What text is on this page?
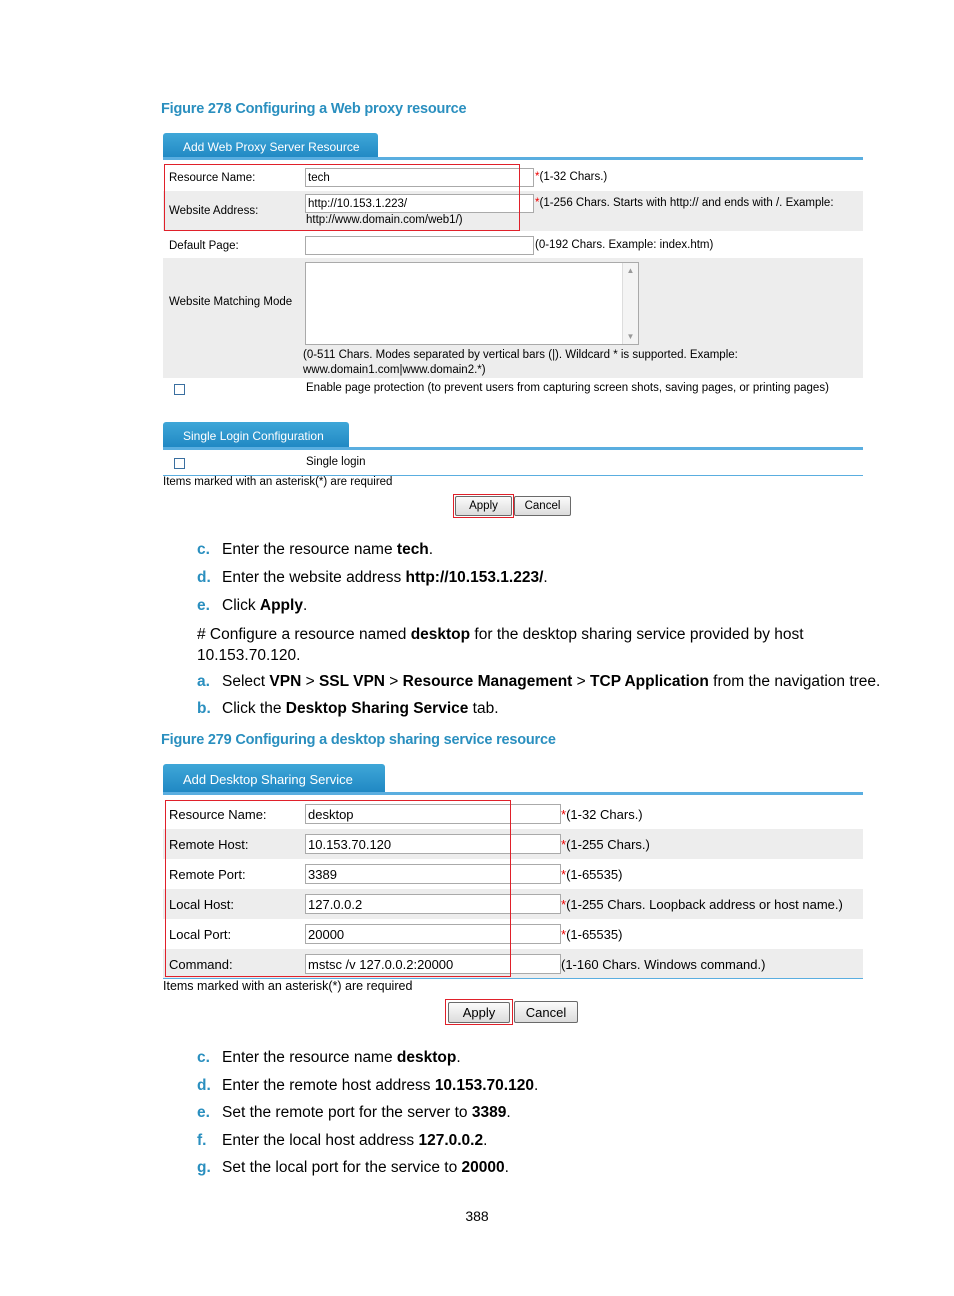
Figure 278 Configuring a Web proxy resource
Add Web Proxy Server Resource
Resource Name:	tech	*(1-32 Chars.)
Website Address:
http://10.153.1.223/	*(1-256 Chars. Starts with http:// and ends with /. Example:
http://www.domain.com/web1/)
Default Page:	(0-192 Chars. Example: index.htm)
Website Matching Mode
▲
▼
(0-511 Chars. Modes separated by vertical bars (|). Wildcard * is supported. Example:
www.domain1.com|www.domain2.*)
Enable page protection (to prevent users from capturing screen shots, saving pages, or printing pages)
Single Login Configuration
Single login
Items marked with an asterisk(*) are required
Apply	Cancel
c. Enter the resource name tech.
d. Enter the website address http://10.153.1.223/.
e. Click Apply.
# Configure a resource named desktop for the desktop sharing service provided by host
10.153.70.120.
a. Select VPN > SSL VPN > Resource Management > TCP Application from the navigation tree.
b. Click the Desktop Sharing Service tab.
Figure 279 Configuring a desktop sharing service resource
Add Desktop Sharing Service
Resource Name:	desktop	*(1-32 Chars.)
Remote Host:	10.153.70.120	*(1-255 Chars.)
Remote Port:	3389	*(1-65535)
Local Host:	127.0.0.2	*(1-255 Chars. Loopback address or host name.)
Local Port:	20000	*(1-65535)
Command:	mstsc /v 127.0.0.2:20000	(1-160 Chars. Windows command.)
Items marked with an asterisk(*) are required
Apply	Cancel
c. Enter the resource name desktop.
d. Enter the remote host address 10.153.70.120.
e. Set the remote port for the server to 3389.
f. Enter the local host address 127.0.0.2.
g. Set the local port for the service to 20000.
388
